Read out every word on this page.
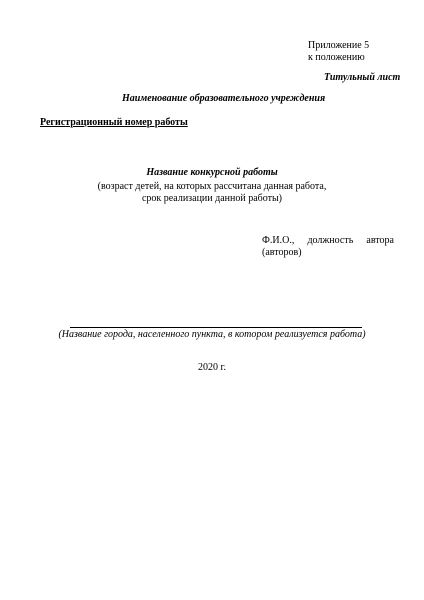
Приложение 5
к положению
Титульный лист
Наименование образовательного учреждения
Регистрационный номер работы
Название конкурсной работы
(возраст детей, на которых рассчитана данная работа,
срок реализации данной работы)
Ф.И.О., должность автора
(авторов)
(Название города, населенного пункта, в котором реализуется работа)
2020 г.
